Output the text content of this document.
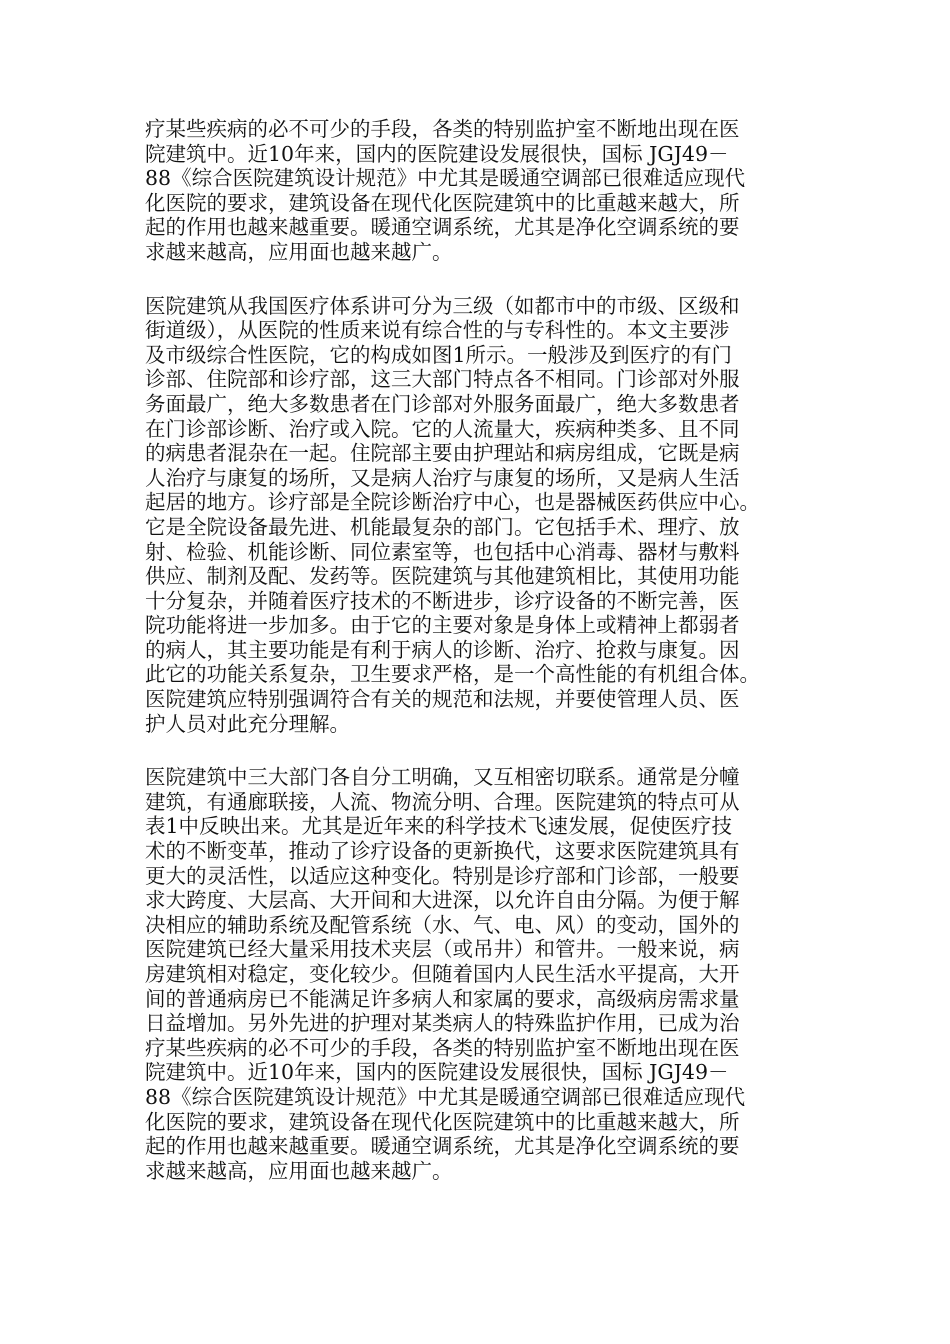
疗某些疾病的必不可少的手段，各类的特别监护室不断地出现在医
院建筑中。近10年来，国内的医院建设发展很快，国标 JGJ49－
88《综合医院建筑设计规范》中尤其是暖通空调部已很难适应现代
化医院的要求，建筑设备在现代化医院建筑中的比重越来越大，所
起的作用也越来越重要。暖通空调系统，尤其是净化空调系统的要
求越来越高，应用面也越来越广。
医院建筑从我国医疗体系讲可分为三级（如都市中的市级、区级和
街道级），从医院的性质来说有综合性的与专科性的。本文主要涉
及市级综合性医院，它的构成如图1所示。一般涉及到医疗的有门
诊部、住院部和诊疗部，这三大部门特点各不相同。门诊部对外服
务面最广，绝大多数患者在门诊部对外服务面最广，绝大多数患者
在门诊部诊断、治疗或入院。它的人流量大，疾病种类多、且不同
的病患者混杂在一起。住院部主要由护理站和病房组成，它既是病
人治疗与康复的场所，又是病人治疗与康复的场所，又是病人生活
起居的地方。诊疗部是全院诊断治疗中心，也是器械医药供应中心。
它是全院设备最先进、机能最复杂的部门。它包括手术、理疗、放
射、检验、机能诊断、同位素室等，也包括中心消毒、器材与敷料
供应、制剂及配、发药等。医院建筑与其他建筑相比，其使用功能
十分复杂，并随着医疗技术的不断进步，诊疗设备的不断完善，医
院功能将进一步加多。由于它的主要对象是身体上或精神上都弱者
的病人，其主要功能是有利于病人的诊断、治疗、抢救与康复。因
此它的功能关系复杂，卫生要求严格，是一个高性能的有机组合体。
医院建筑应特别强调符合有关的规范和法规，并要使管理人员、医
护人员对此充分理解。
医院建筑中三大部门各自分工明确，又互相密切联系。通常是分幢
建筑，有通廊联接，人流、物流分明、合理。医院建筑的特点可从
表1中反映出来。尤其是近年来的科学技术飞速发展，促使医疗技
术的不断变革，推动了诊疗设备的更新换代，这要求医院建筑具有
更大的灵活性，以适应这种变化。特别是诊疗部和门诊部，一般要
求大跨度、大层高、大开间和大进深，以允许自由分隔。为便于解
决相应的辅助系统及配管系统（水、气、电、风）的变动，国外的
医院建筑已经大量采用技术夹层（或吊井）和管井。一般来说，病
房建筑相对稳定，变化较少。但随着国内人民生活水平提高，大开
间的普通病房已不能满足许多病人和家属的要求，高级病房需求量
日益增加。另外先进的护理对某类病人的特殊监护作用，已成为治
疗某些疾病的必不可少的手段，各类的特别监护室不断地出现在医
院建筑中。近10年来，国内的医院建设发展很快，国标 JGJ49－
88《综合医院建筑设计规范》中尤其是暖通空调部已很难适应现代
化医院的要求，建筑设备在现代化医院建筑中的比重越来越大，所
起的作用也越来越重要。暖通空调系统，尤其是净化空调系统的要
求越来越高，应用面也越来越广。
